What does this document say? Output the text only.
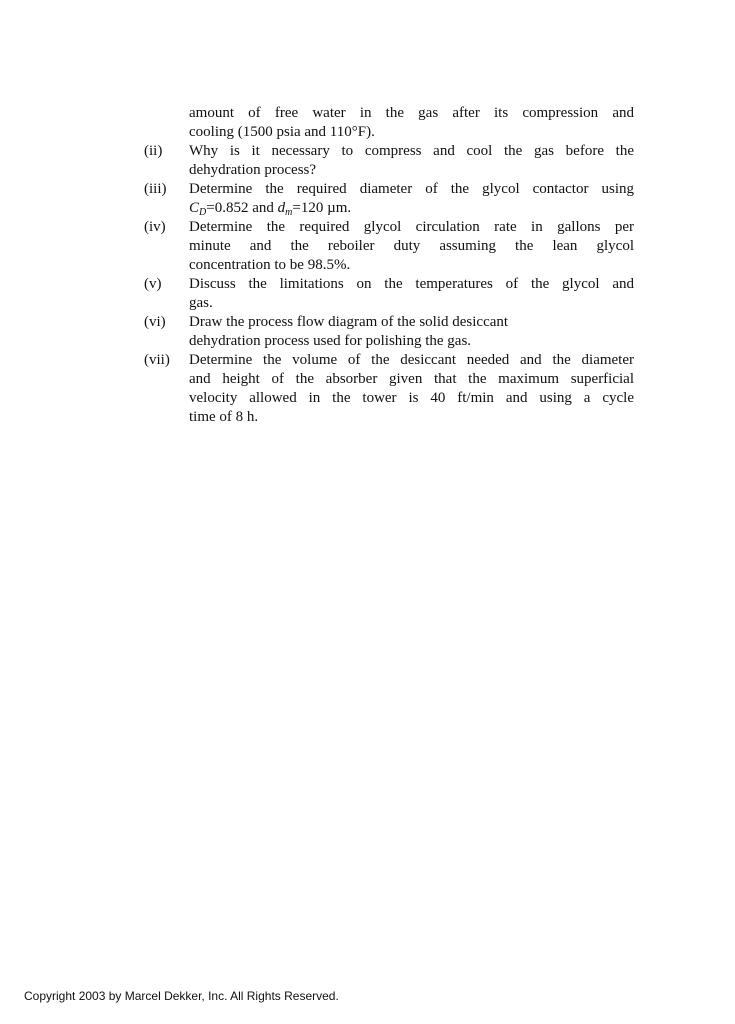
amount of free water in the gas after its compression and
cooling (1500 psia and 110°F).
(ii)	Why is it necessary to compress and cool the gas before the
dehydration process?
(iii)	Determine the required diameter of the glycol contactor using
$C_D=0.852$ and $d_m=120$ µm.
(iv)	Determine the required glycol circulation rate in gallons per
minute and the reboiler duty assuming the lean glycol
concentration to be 98.5%.
(v)	Discuss the limitations on the temperatures of the glycol and
gas.
(vi)	Draw the process flow diagram of the solid desiccant
dehydration process used for polishing the gas.
(vii)	Determine the volume of the desiccant needed and the diameter
and height of the absorber given that the maximum superficial
velocity allowed in the tower is 40 ft/min and using a cycle
time of 8 h.
Copyright 2003 by Marcel Dekker, Inc. All Rights Reserved.
